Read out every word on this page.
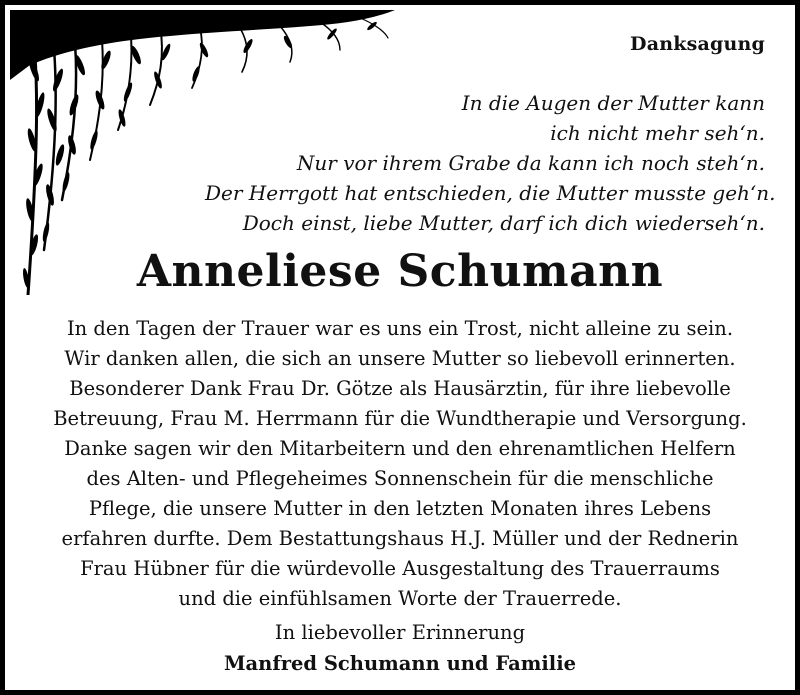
Danksagung
In die Augen der Mutter kann
ich nicht mehr seh‘n.
Nur vor ihrem Grabe da kann ich noch steh‘n.
Der Herrgott hat entschieden, die Mutter musste geh‘n.
Doch einst, liebe Mutter, darf ich dich wiederseh‘n.
Anneliese Schumann
In den Tagen der Trauer war es uns ein Trost, nicht alleine zu sein.
Wir danken allen, die sich an unsere Mutter so liebevoll erinnerten.
Besonderer Dank Frau Dr. Götze als Hausärztin, für ihre liebevolle
Betreuung, Frau M. Herrmann für die Wundtherapie und Versorgung.
Danke sagen wir den Mitarbeitern und den ehrenamtlichen Helfern
des Alten- und Pflegeheimes Sonnenschein für die menschliche
Pflege, die unsere Mutter in den letzten Monaten ihres Lebens
erfahren durfte. Dem Bestattungshaus H.J. Müller und der Rednerin
Frau Hübner für die würdevolle Ausgestaltung des Trauerraums
und die einfühlsamen Worte der Trauerrede.
In liebevoller Erinnerung
Manfred Schumann und Familie
